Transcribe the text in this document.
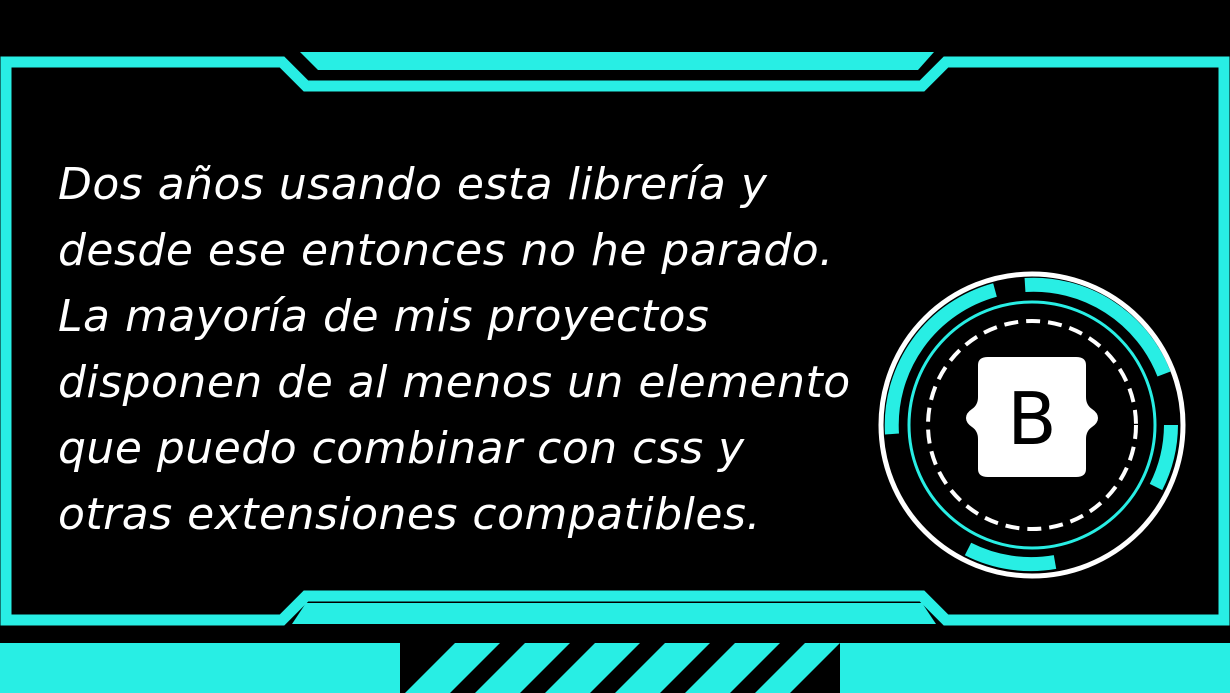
Dos años usando esta librería y
desde ese entonces no he parado.
La mayoría de mis proyectos
disponen de al menos un elemento
que puedo combinar con css y
otras extensiones compatibles.
B
